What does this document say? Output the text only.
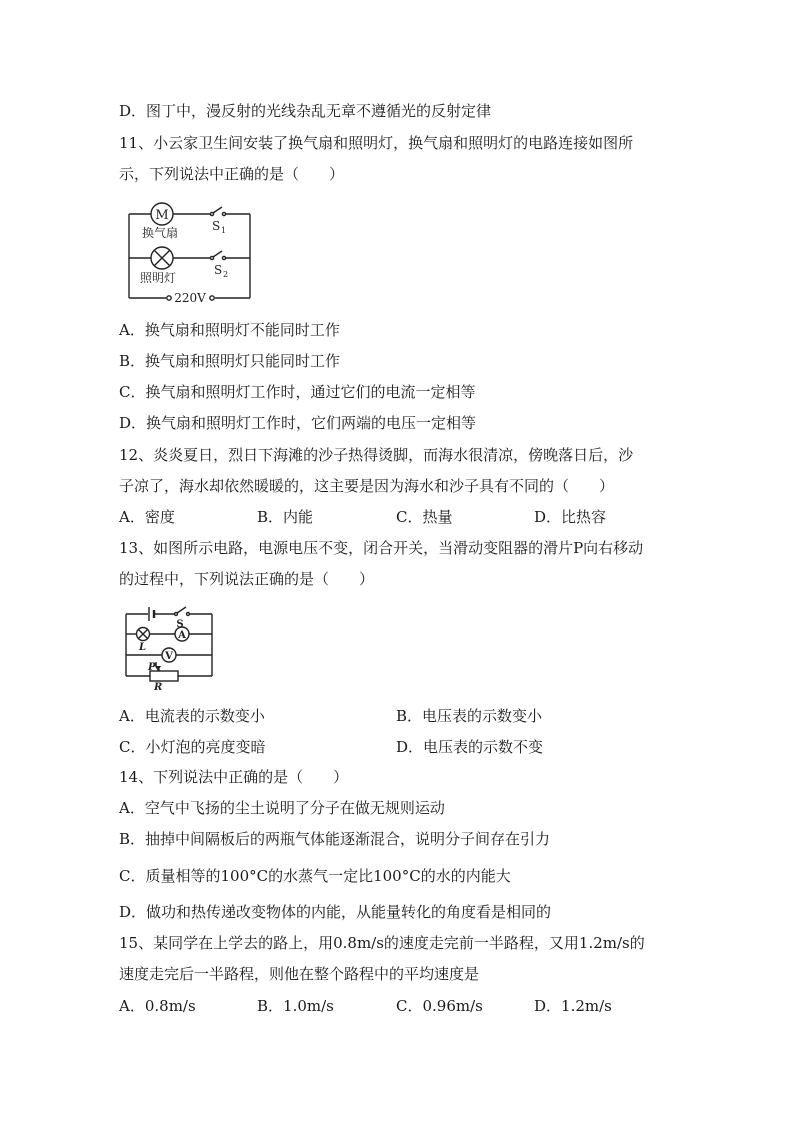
D．图丁中，漫反射的光线杂乱无章不遵循光的反射定律
11、小云家卫生间安装了换气扇和照明灯，换气扇和照明灯的电路连接如图所
示，下列说法中正确的是（　　）
M
换气扇
照明灯
S 1
S 2
220V
A．换气扇和照明灯不能同时工作
B．换气扇和照明灯只能同时工作
C．换气扇和照明灯工作时，通过它们的电流一定相等
D．换气扇和照明灯工作时，它们两端的电压一定相等
12、炎炎夏日，烈日下海滩的沙子热得烫脚，而海水很清凉，傍晚落日后，沙
子凉了，海水却依然暖暖的，这主要是因为海水和沙子具有不同的（　　）
A．密度	B．内能	C．热量	D．比热容
13、如图所示电路，电源电压不变，闭合开关，当滑动变阻器的滑片P向右移动
的过程中，下列说法正确的是（　　）
S
A
V
L
P
R
A．电流表的示数变小	B．电压表的示数变小
C．小灯泡的亮度变暗	D．电压表的示数不变
14、下列说法中正确的是（　　）
A．空气中飞扬的尘土说明了分子在做无规则运动
B．抽掉中间隔板后的两瓶气体能逐渐混合，说明分子间存在引力
C．质量相等的100°C的水蒸气一定比100°C的水的内能大
D．做功和热传递改变物体的内能，从能量转化的角度看是相同的
15、某同学在上学去的路上，用0.8m/s的速度走完前一半路程，又用1.2m/s的
速度走完后一半路程，则他在整个路程中的平均速度是
A．0.8m/s	B．1.0m/s	C．0.96m/s	D．1.2m/s
